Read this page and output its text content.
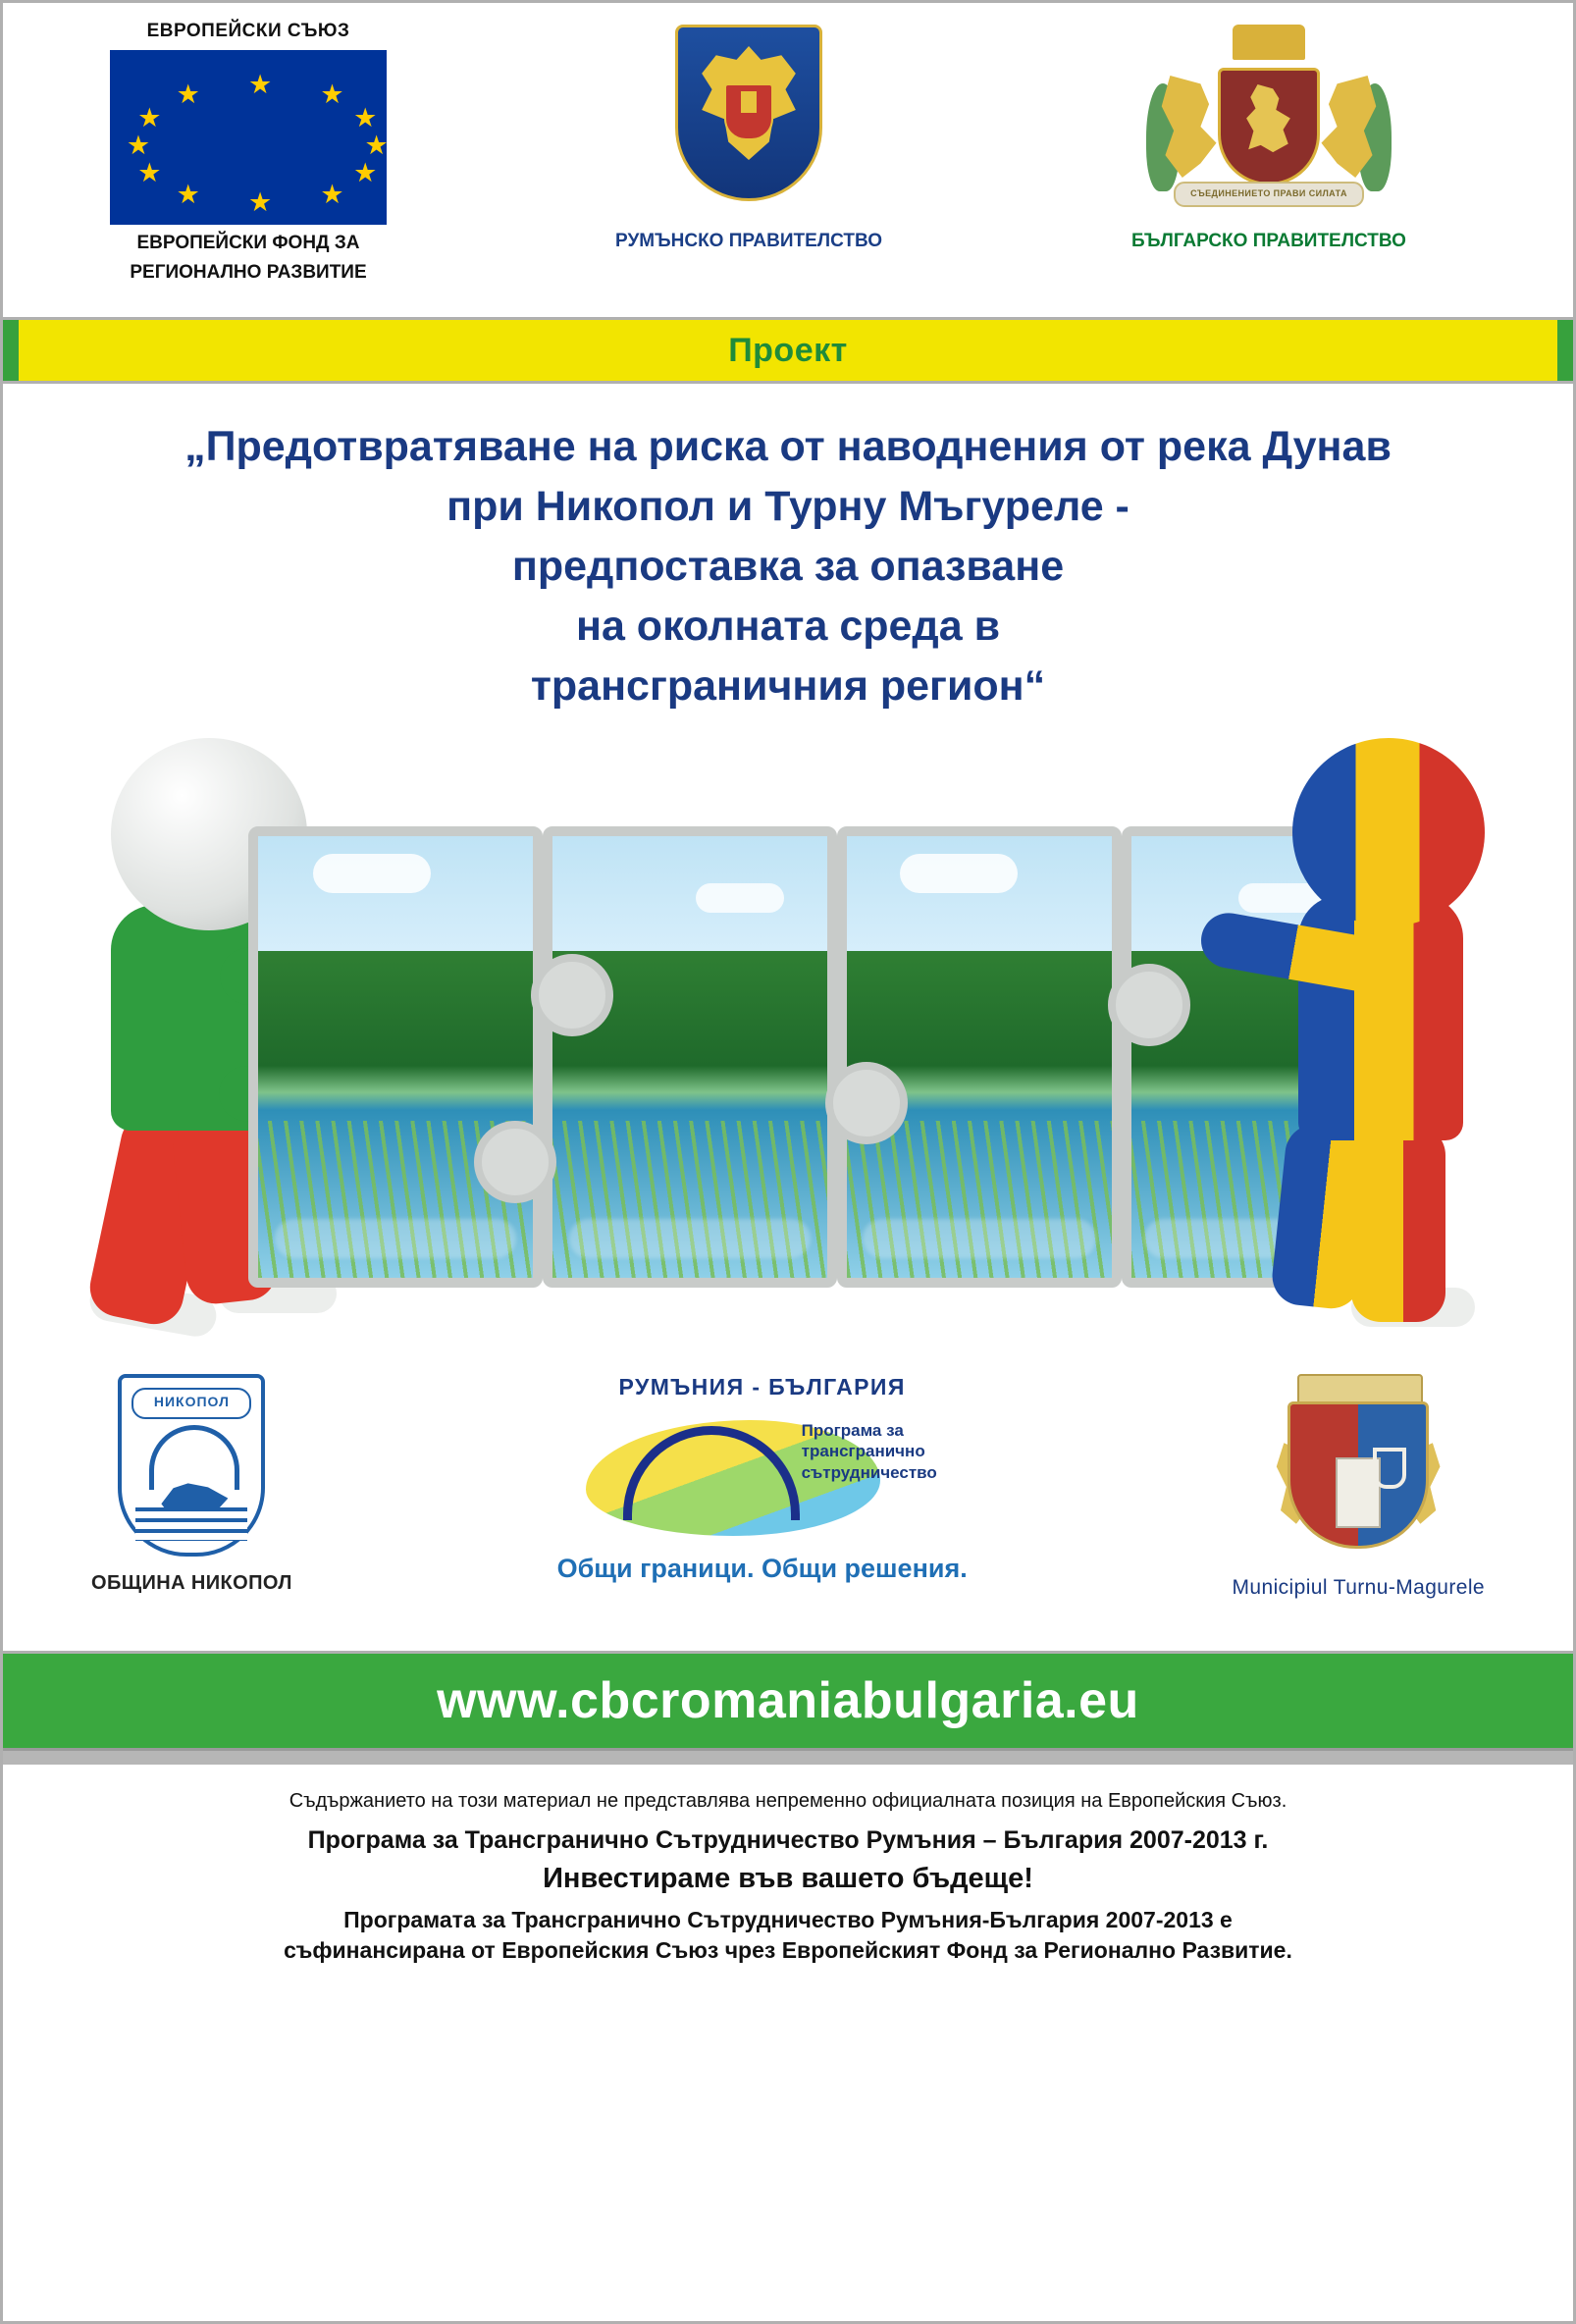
ЕВРОПЕЙСКИ СЪЮЗ
★ ★
★
★
★
★
★
★
★
★
★
★
ЕВРОПЕЙСКИ ФОНД ЗА
РЕГИОНАЛНО РАЗВИТИЕ
РУМЪНСКО ПРАВИТЕЛСТВО
СЪЕДИНЕНИЕТО ПРАВИ СИЛАТА
БЪЛГАРСКО ПРАВИТЕЛСТВО
Проект
„Предотвратяване на риска от наводнения от река Дунав
при Никопол и Турну Мъгуреле -
предпоставка за опазване
на околната среда в
трансграничния регион“
НИКОПОЛ
ОБЩИНА НИКОПОЛ
РУМЪНИЯ - БЪЛГАРИЯ
Програма за
трансгранично
сътрудничество
Общи граници. Общи решения.
Municipiul Turnu-Magurele
www.cbcromaniabulgaria.eu
Съдържанието на този материал не представлява непременно официалната позиция на Европейския Съюз.
Програма за Трансгранично Сътрудничество Румъния – България 2007-2013 г.
Инвестираме във вашето бъдеще!
Програмата за Трансгранично Сътрудничество Румъния-България 2007-2013 е
съфинансирана от Европейския Съюз чрез Европейският Фонд за Регионално Развитие.
